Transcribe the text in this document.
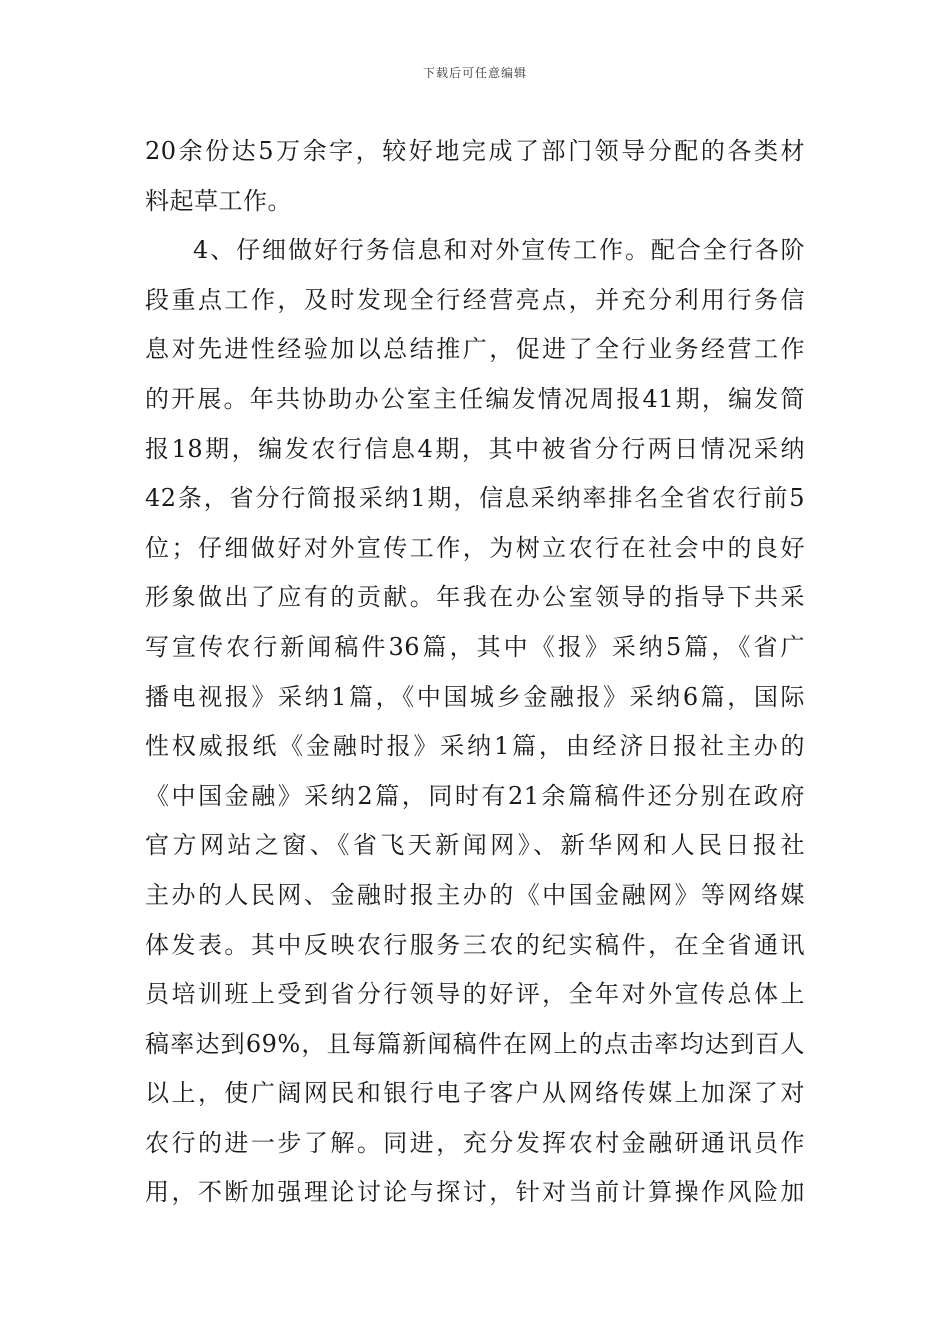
下载后可任意编辑
20余份达5万余字，较好地完成了部门领导分配的各类材
料起草工作。
4、仔细做好行务信息和对外宣传工作。配合全行各阶
段重点工作，及时发现全行经营亮点，并充分利用行务信
息对先进性经验加以总结推广，促进了全行业务经营工作
的开展。年共协助办公室主任编发情况周报41期，编发简
报18期，编发农行信息4期，其中被省分行两日情况采纳
42条，省分行简报采纳1期，信息采纳率排名全省农行前5
位；仔细做好对外宣传工作，为树立农行在社会中的良好
形象做出了应有的贡献。年我在办公室领导的指导下共采
写宣传农行新闻稿件36篇，其中《报》采纳5篇，《省广
播电视报》采纳1篇，《中国城乡金融报》采纳6篇，国际
性权威报纸《金融时报》采纳1篇，由经济日报社主办的
《中国金融》采纳2篇，同时有21余篇稿件还分别在政府
官方网站之窗、《省飞天新闻网》、新华网和人民日报社
主办的人民网、金融时报主办的《中国金融网》等网络媒
体发表。其中反映农行服务三农的纪实稿件，在全省通讯
员培训班上受到省分行领导的好评，全年对外宣传总体上
稿率达到69%，且每篇新闻稿件在网上的点击率均达到百人
以上，使广阔网民和银行电子客户从网络传媒上加深了对
农行的进一步了解。同进，充分发挥农村金融研通讯员作
用，不断加强理论讨论与探讨，针对当前计算操作风险加
